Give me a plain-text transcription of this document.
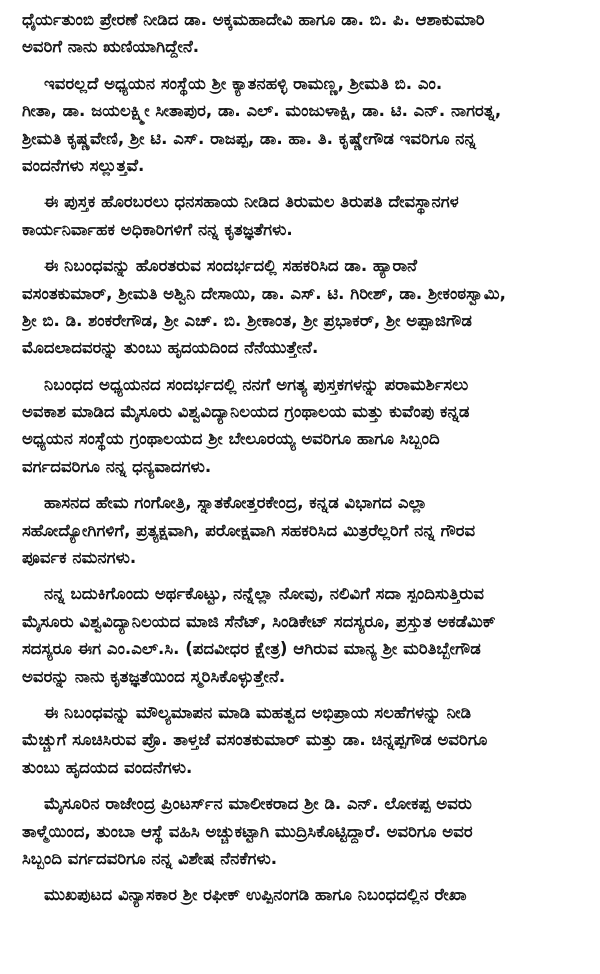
ಧೈರ್ಯತುಂಬಿ ಪ್ರೇರಣೆ ನೀಡಿದ ಡಾ. ಅಕ್ಕಮಹಾದೇವಿ ಹಾಗೂ ಡಾ. ಬಿ. ಪಿ. ಆಶಾಕುಮಾರಿ
ಅವರಿಗೆ ನಾನು ಋಣಿಯಾಗಿದ್ದೇನೆ.
ಇವರಲ್ಲದೆ ಅಧ್ಯಯನ ಸಂಸ್ಥೆಯ ಶ್ರೀ ಕ್ಯಾತನಹಳ್ಳಿ ರಾಮಣ್ಣ, ಶ್ರೀಮತಿ ಬಿ. ಎಂ.
ಗೀತಾ, ಡಾ. ಜಯಲಕ್ಷ್ಮೀ ಸೀತಾಪುರ, ಡಾ. ಎಲ್. ಮಂಜುಳಾಕ್ಷಿ, ಡಾ. ಟಿ. ಎನ್. ನಾಗರತ್ನ,
ಶ್ರೀಮತಿ ಕೃಷ್ಣವೇಣಿ, ಶ್ರೀ ಟಿ. ಎಸ್. ರಾಜಪ್ಪ, ಡಾ. ಹಾ. ತಿ. ಕೃಷ್ಣೇಗೌಡ ಇವರಿಗೂ ನನ್ನ
ವಂದನೆಗಳು ಸಲ್ಲುತ್ತವೆ.
ಈ ಪುಸ್ತಕ ಹೊರಬರಲು ಧನಸಹಾಯ ನೀಡಿದ ತಿರುಮಲ ತಿರುಪತಿ ದೇವಸ್ಥಾನಗಳ
ಕಾರ್ಯನಿರ್ವಾಹಕ ಅಧಿಕಾರಿಗಳಿಗೆ ನನ್ನ ಕೃತಜ್ಞತೆಗಳು.
ಈ ನಿಬಂಧವನ್ನು ಹೊರತರುವ ಸಂದರ್ಭದಲ್ಲಿ ಸಹಕರಿಸಿದ ಡಾ. ಹ್ಯಾರಾನೆ
ವಸಂತಕುಮಾರ್, ಶ್ರೀಮತಿ ಅಶ್ವಿನಿ ದೇಸಾಯಿ, ಡಾ. ಎಸ್. ಟಿ. ಗಿರೀಶ್, ಡಾ. ಶ್ರೀಕಂಠಸ್ವಾಮಿ,
ಶ್ರೀ ಬಿ. ಡಿ. ಶಂಕರೇಗೌಡ, ಶ್ರೀ ಎಚ್. ಬಿ. ಶ್ರೀಕಾಂತ, ಶ್ರೀ ಪ್ರಭಾಕರ್, ಶ್ರೀ ಅಪ್ಪಾಜಿಗೌಡ
ಮೊದಲಾದವರನ್ನು ತುಂಬು ಹೃದಯದಿಂದ ನೆನೆಯುತ್ತೇನೆ.
ನಿಬಂಧದ ಅಧ್ಯಯನದ ಸಂದರ್ಭದಲ್ಲಿ ನನಗೆ ಅಗತ್ಯ ಪುಸ್ತಕಗಳನ್ನು ಪರಾಮರ್ಶಿಸಲು
ಅವಕಾಶ ಮಾಡಿದ ಮೈಸೂರು ವಿಶ್ವವಿದ್ಯಾನಿಲಯದ ಗ್ರಂಥಾಲಯ ಮತ್ತು ಕುವೆಂಪು ಕನ್ನಡ
ಅಧ್ಯಯನ ಸಂಸ್ಥೆಯ ಗ್ರಂಥಾಲಯದ ಶ್ರೀ ಬೇಲೂರಯ್ಯ ಅವರಿಗೂ ಹಾಗೂ ಸಿಬ್ಬಂದಿ
ವರ್ಗದವರಿಗೂ ನನ್ನ ಧನ್ಯವಾದಗಳು.
ಹಾಸನದ ಹೇಮ ಗಂಗೋತ್ರಿ, ಸ್ನಾತಕೋತ್ತರಕೇಂದ್ರ, ಕನ್ನಡ ವಿಭಾಗದ ಎಲ್ಲಾ
ಸಹೋದ್ಯೋಗಿಗಳಿಗೆ, ಪ್ರತ್ಯಕ್ಷವಾಗಿ, ಪರೋಕ್ಷವಾಗಿ ಸಹಕರಿಸಿದ ಮಿತ್ರರೆಲ್ಲರಿಗೆ ನನ್ನ ಗೌರವ
ಪೂರ್ವಕ ನಮನಗಳು.
ನನ್ನ ಬದುಕಿಗೊಂದು ಅರ್ಥಕೊಟ್ಟು, ನನ್ನೆಲ್ಲಾ ನೋವು, ನಲಿವಿಗೆ ಸದಾ ಸ್ಪಂದಿಸುತ್ತಿರುವ
ಮೈಸೂರು ವಿಶ್ವವಿದ್ಯಾನಿಲಯದ ಮಾಜಿ ಸೆನೆಟ್, ಸಿಂಡಿಕೇಟ್ ಸದಸ್ಯರೂ, ಪ್ರಸ್ತುತ ಅಕಡೆಮಿಕ್
ಸದಸ್ಯರೂ ಈಗ ಎಂ.ಎಲ್.ಸಿ. (ಪದವೀಧರ ಕ್ಷೇತ್ರ) ಆಗಿರುವ ಮಾನ್ಯ ಶ್ರೀ ಮರಿತಿಬ್ಬೇಗೌಡ
ಅವರನ್ನು ನಾನು ಕೃತಜ್ಞತೆಯಿಂದ ಸ್ಮರಿಸಿಕೊಳ್ಳುತ್ತೇನೆ.
ಈ ನಿಬಂಧವನ್ನು ಮೌಲ್ಯಮಾಪನ ಮಾಡಿ ಮಹತ್ವದ ಅಭಿಪ್ರಾಯ ಸಲಹೆಗಳನ್ನು ನೀಡಿ
ಮೆಚ್ಚುಗೆ ಸೂಚಿಸಿರುವ ಪ್ರೊ. ತಾಳ್ತಜೆ ವಸಂತಕುಮಾರ್ ಮತ್ತು ಡಾ. ಚಿನ್ನಪ್ಪಗೌಡ ಅವರಿಗೂ
ತುಂಬು ಹೃದಯದ ವಂದನೆಗಳು.
ಮೈಸೂರಿನ ರಾಜೇಂದ್ರ ಪ್ರಿಂಟರ್ಸ್‌ನ ಮಾಲೀಕರಾದ ಶ್ರೀ ಡಿ. ಎನ್. ಲೋಕಪ್ಪ ಅವರು
ತಾಳ್ಮೆಯಿಂದ, ತುಂಬಾ ಆಸ್ಥೆ ವಹಿಸಿ ಅಚ್ಚುಕಟ್ಟಾಗಿ ಮುದ್ರಿಸಿಕೊಟ್ಟಿದ್ದಾರೆ. ಅವರಿಗೂ ಅವರ
ಸಿಬ್ಬಂದಿ ವರ್ಗದವರಿಗೂ ನನ್ನ ವಿಶೇಷ ನೆನಕೆಗಳು.
ಮುಖಪುಟದ ವಿನ್ಯಾಸಕಾರ ಶ್ರೀ ರಫೀಕ್ ಉಪ್ಪಿನಂಗಡಿ ಹಾಗೂ ನಿಬಂಧದಲ್ಲಿನ ರೇಖಾ
